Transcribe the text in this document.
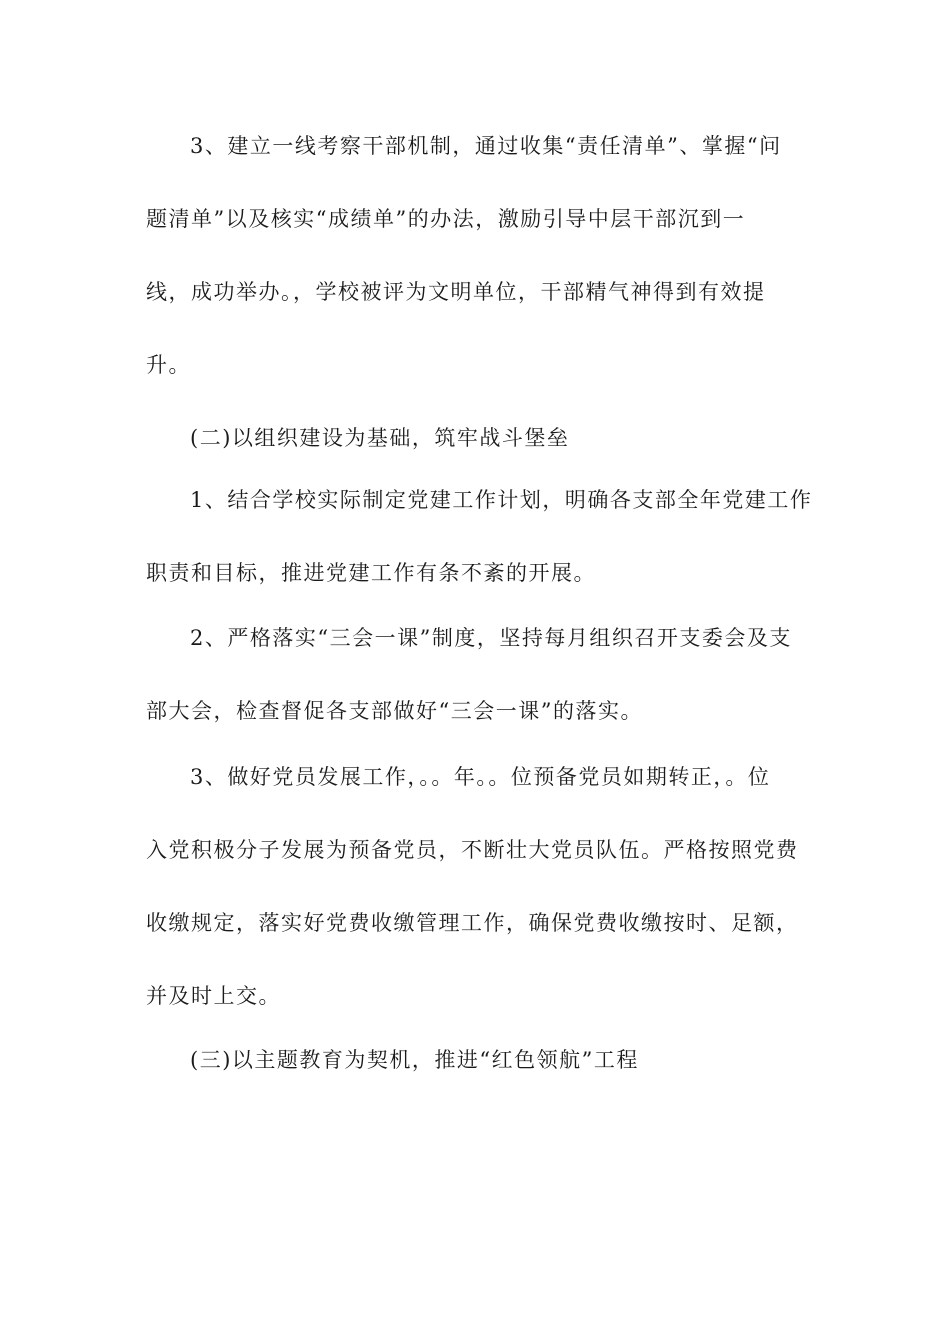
3、建立一线考察干部机制，通过收集“责任清单”、掌握“问
题清单”以及核实“成绩单”的办法，激励引导中层干部沉到一
线，成功举办。，学校被评为文明单位，干部精气神得到有效提
升。
(二)以组织建设为基础，筑牢战斗堡垒
1、结合学校实际制定党建工作计划，明确各支部全年党建工作
职责和目标，推进党建工作有条不紊的开展。
2、严格落实“三会一课”制度，坚持每月组织召开支委会及支
部大会，检查督促各支部做好“三会一课”的落实。
3、做好党员发展工作，。。年。。位预备党员如期转正，。位
入党积极分子发展为预备党员，不断壮大党员队伍。严格按照党费
收缴规定，落实好党费收缴管理工作，确保党费收缴按时、足额，
并及时上交。
(三)以主题教育为契机，推进“红色领航”工程
